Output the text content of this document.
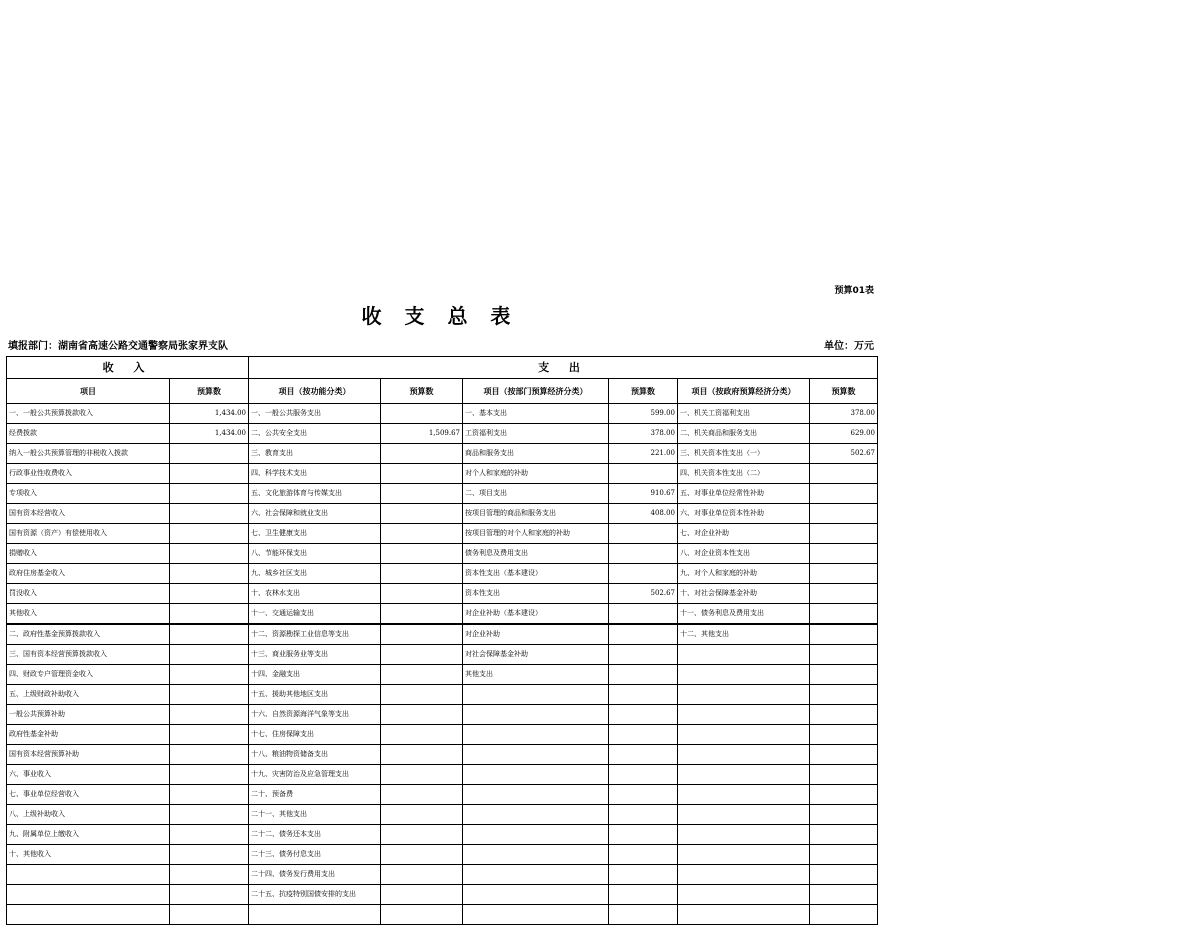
预算01表
收 支 总 表
填报部门：湖南省高速公路交通警察局张家界支队	单位：万元
收 入		支 出					
项目	预算数	项目（按功能分类）	预算数	项目（按部门预算经济分类）	预算数	项目（按政府预算经济分类）	预算数
一、一般公共预算拨款收入	1,434.00	一、一般公共服务支出		一、基本支出	599.00	一、机关工资福利支出	378.00
经费拨款	1,434.00	二、公共安全支出	1,509.67	工资福利支出	378.00	二、机关商品和服务支出	629.00
纳入一般公共预算管理的非税收入拨款		三、教育支出		商品和服务支出	221.00	三、机关资本性支出（一）	502.67
行政事业性收费收入		四、科学技术支出		对个人和家庭的补助		四、机关资本性支出（二）	
专项收入		五、文化旅游体育与传媒支出		二、项目支出	910.67	五、对事业单位经常性补助	
国有资本经营收入		六、社会保障和就业支出		按项目管理的商品和服务支出	408.00	六、对事业单位资本性补助	
国有资源（资产）有偿使用收入		七、卫生健康支出		按项目管理的对个人和家庭的补助		七、对企业补助	
捐赠收入		八、节能环保支出		债务利息及费用支出		八、对企业资本性支出	
政府住房基金收入		九、城乡社区支出		资本性支出（基本建设）		九、对个人和家庭的补助	
罚没收入		十、农林水支出		资本性支出	502.67	十、对社会保障基金补助	
其他收入		十一、交通运输支出		对企业补助（基本建设）		十一、债务利息及费用支出	
二、政府性基金预算拨款收入		十二、资源勘探工业信息等支出		对企业补助		十二、其他支出	
三、国有资本经营预算拨款收入		十三、商业服务业等支出		对社会保障基金补助			
四、财政专户管理资金收入		十四、金融支出		其他支出			
五、上级财政补助收入		十五、援助其他地区支出					
一般公共预算补助		十六、自然资源海洋气象等支出					
政府性基金补助		十七、住房保障支出					
国有资本经营预算补助		十八、粮油物资储备支出					
六、事业收入		十九、灾害防治及应急管理支出					
七、事业单位经营收入		二十、预备费					
八、上级补助收入		二十一、其他支出					
九、附属单位上缴收入		二十二、债务还本支出					
十、其他收入		二十三、债务付息支出					
		二十四、债务发行费用支出					
		二十五、抗疫特别国债安排的支出					
